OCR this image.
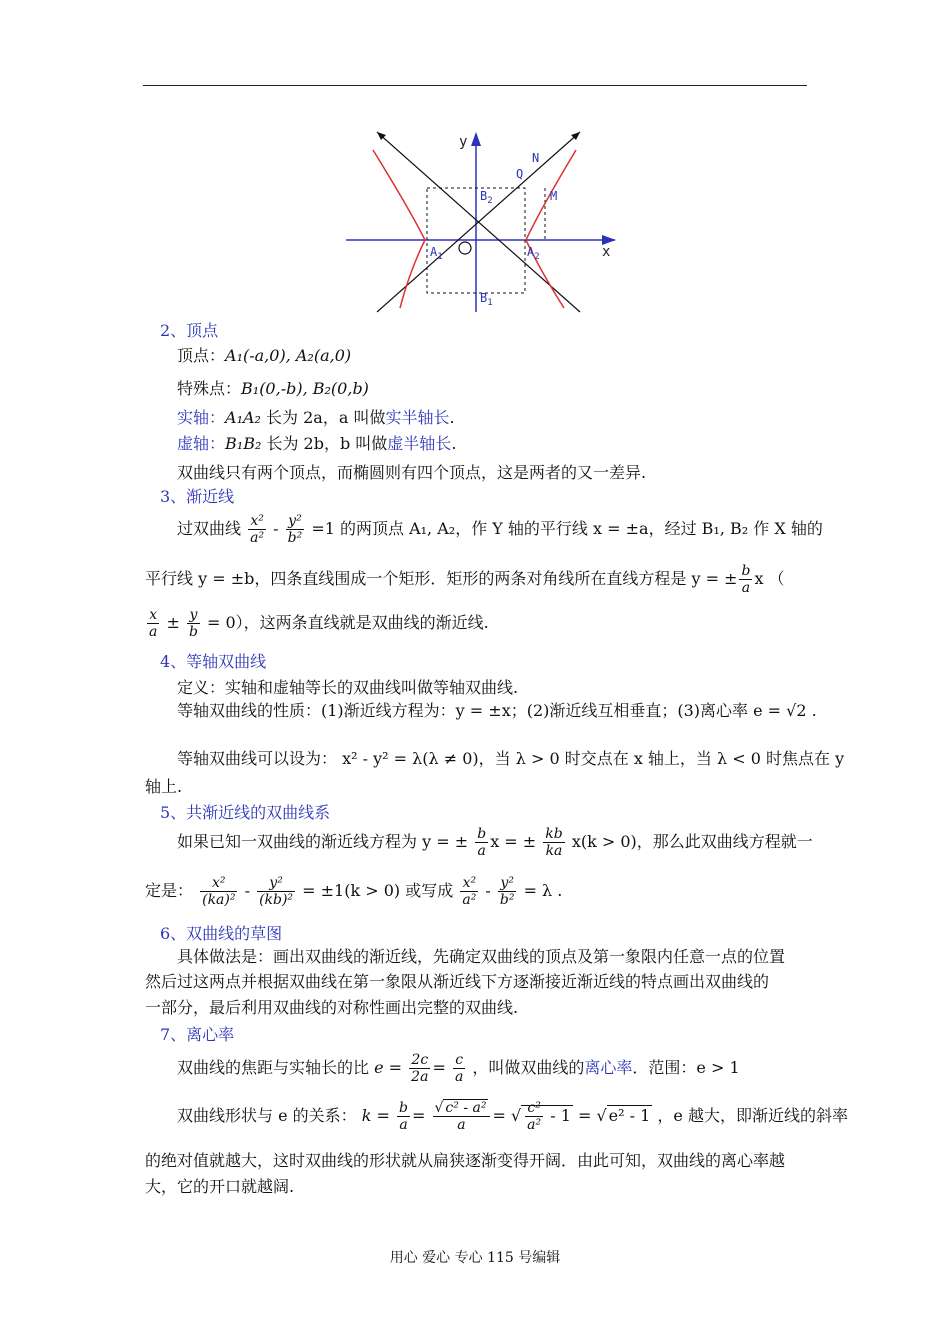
y
x
N
Q
M
$B_2$
$B_1$
$A_1$	$A_2$
2、顶点
顶点：A₁(-a,0), A₂(a,0)
特殊点：B₁(0,-b), B₂(0,b)
实轴：A₁A₂ 长为 2a，a 叫做实半轴长.
虚轴：B₁B₂ 长为 2b，b 叫做虚半轴长.
双曲线只有两个顶点，而椭圆则有四个顶点，这是两者的又一差异.
3、渐近线
过双曲线 $\frac{\text{x²}}{\text{a²}} - \frac{\text{y²}}{\text{b²}} =1$ 的两顶点 A₁, A₂，作 Y 轴的平行线 x = ±a，经过 B₁, B₂ 作 X 轴的
平行线 y = ±b，四条直线围成一个矩形．矩形的两条对角线所在直线方程是 y = ± $\frac{b}{a}$ x （
$\frac{x}{a} \pm \frac{y}{b} = 0$），这两条直线就是双曲线的渐近线.
4、等轴双曲线
定义：实轴和虚轴等长的双曲线叫做等轴双曲线.
等轴双曲线的性质：(1)渐近线方程为：y = ±x；(2)渐近线互相垂直；(3)离心率 e = √2 .
等轴双曲线可以设为： x² - y² = λ(λ ≠ 0)，当 λ > 0 时交点在 x 轴上，当 λ < 0 时焦点在 y
轴上.
5、共渐近线的双曲线系
如果已知一双曲线的渐近线方程为 y = ± $\frac{b}{a}$ x = ± $\frac{kb}{ka} x(k > 0)$，那么此双曲线方程就一
定是： $\frac{\text{x²}}{\text{(ka)²}} - \frac{\text{y²}}{\text{(kb)²}} = \pm 1(k > 0)$ 或写成 $\frac{\text{x²}}{\text{a²}} - \frac{\text{y²}}{\text{b²}} = \lambda$ .
6、双曲线的草图
具体做法是：画出双曲线的渐近线，先确定双曲线的顶点及第一象限内任意一点的位置
然后过这两点并根据双曲线在第一象限从渐近线下方逐渐接近渐近线的特点画出双曲线的
一部分，最后利用双曲线的对称性画出完整的双曲线.
7、离心率
双曲线的焦距与实轴长的比 $e = \frac{2c}{2a} = \frac{c}{a}$ ，叫做双曲线的离心率．范围：e > 1
双曲线形状与 e 的关系： $k = \frac{b}{a} = \frac{\text{√ c² - a²}}{a}$ = √ $\frac{\text{c²}}{\text{a²}} - 1$ = √ e² - 1 ，e 越大，即渐近线的斜率
的绝对值就越大，这时双曲线的形状就从扁狭逐渐变得开阔．由此可知，双曲线的离心率越
大，它的开口就越阔.
用心 爱心 专心 115 号编辑
